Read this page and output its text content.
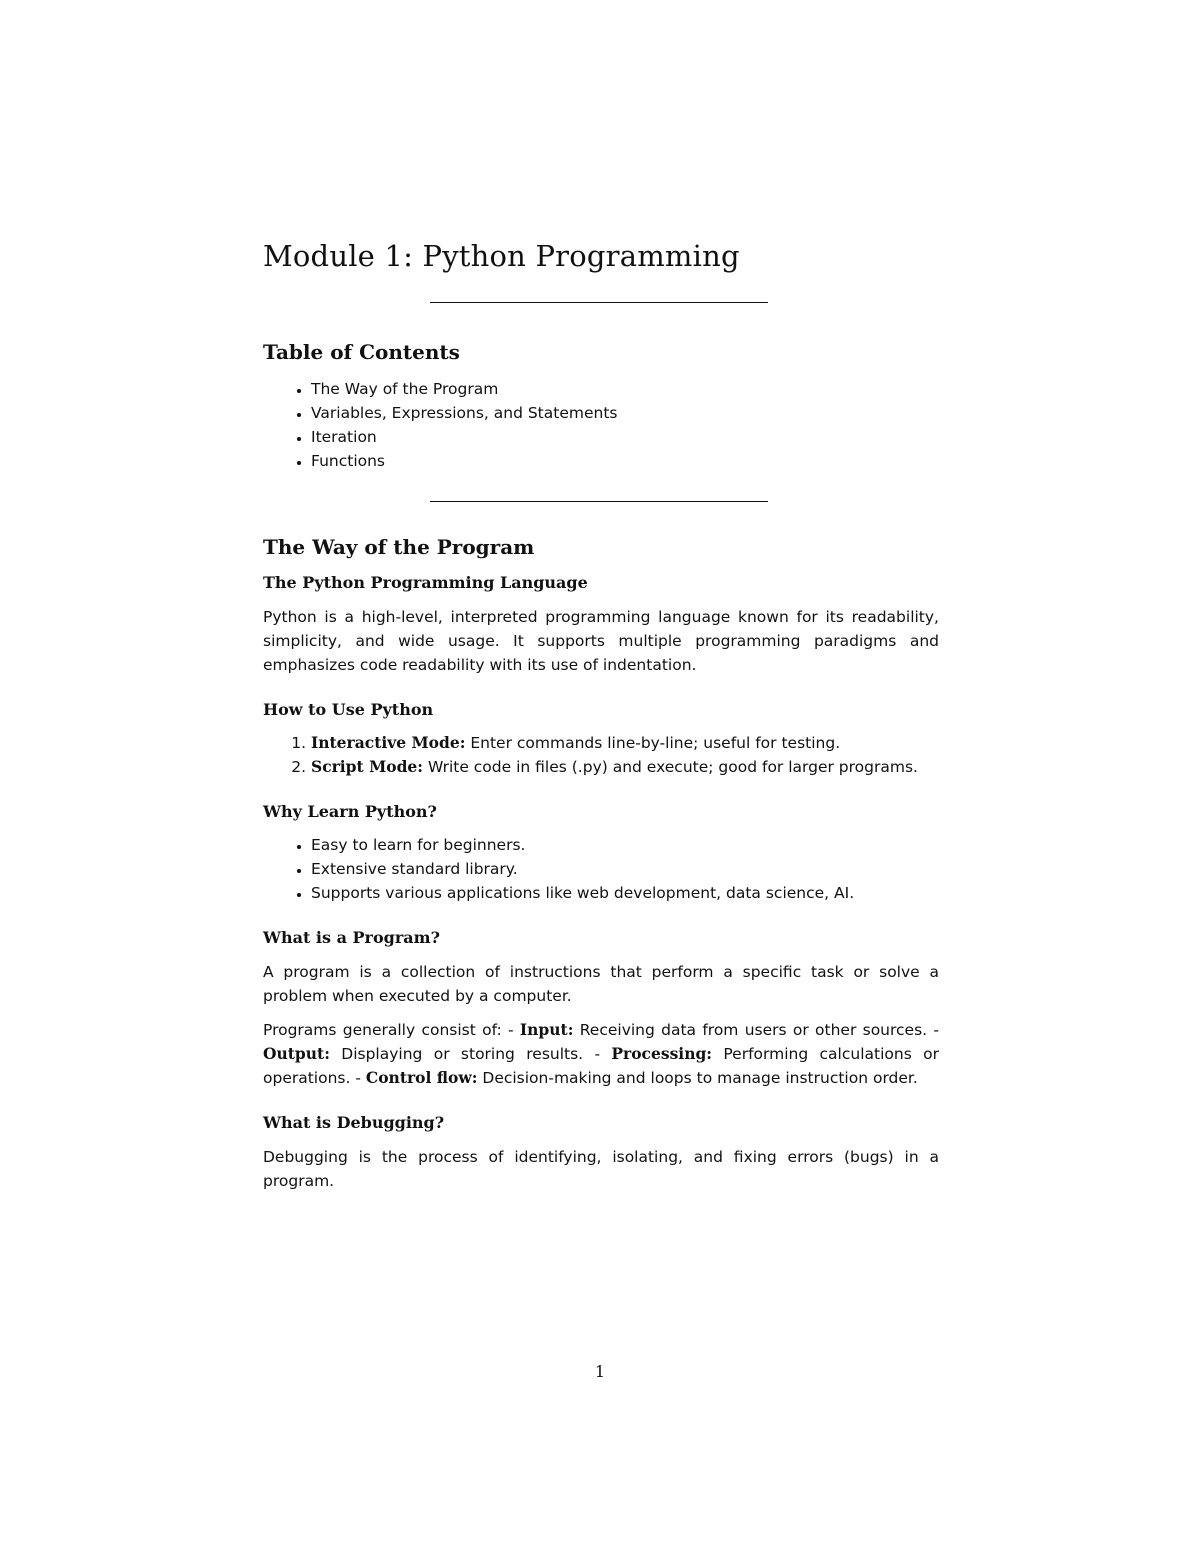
Module 1: Python Programming
Table of Contents
• The Way of the Program
• Variables, Expressions, and Statements
• Iteration
• Functions
The Way of the Program
The Python Programming Language

Python is a high-level, interpreted programming language known for its readability, simplicity, and wide usage. It supports multiple programming paradigms and emphasizes code readability with its use of indentation.

How to Use Python
1. Interactive Mode: Enter commands line-by-line; useful for testing.
2. Script Mode: Write code in files (.py) and execute; good for larger programs.
Why Learn Python?
• Easy to learn for beginners.
• Extensive standard library.
• Supports various applications like web development, data science, AI.
What is a Program?

A program is a collection of instructions that perform a specific task or solve a problem when executed by a computer.

Programs generally consist of: - Input: Receiving data from users or other sources. - Output: Displaying or storing results. - Processing: Performing calculations or operations. - Control flow: Decision-making and loops to manage instruction order.

What is Debugging?

Debugging is the process of identifying, isolating, and fixing errors (bugs) in a program.

1
